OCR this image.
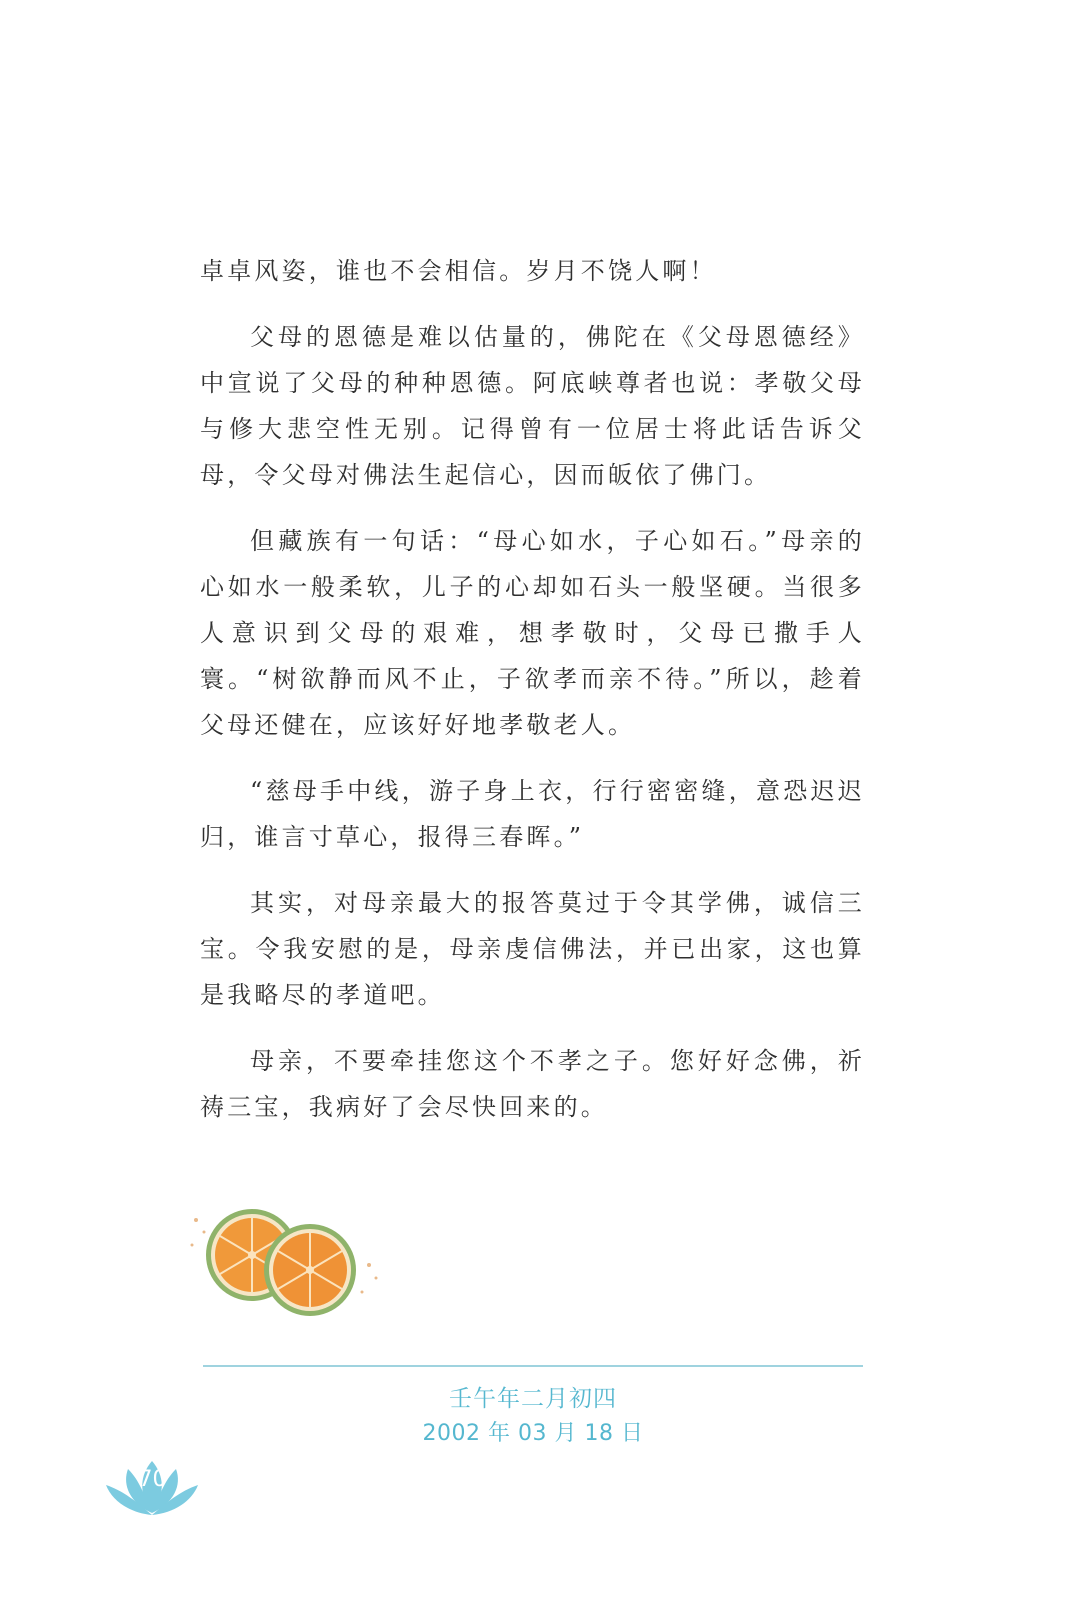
卓卓风姿，谁也不会相信。岁月不饶人啊！

父母的恩德是难以估量的，佛陀在《父母恩德经》中宣说了父母的种种恩德。阿底峡尊者也说：孝敬父母与修大悲空性无别。记得曾有一位居士将此话告诉父母，令父母对佛法生起信心，因而皈依了佛门。

但藏族有一句话：“母心如水，子心如石。”母亲的心如水一般柔软，儿子的心却如石头一般坚硬。当很多人意识到父母的艰难，想孝敬时，父母已撒手人寰。“树欲静而风不止，子欲孝而亲不待。”所以，趁着父母还健在，应该好好地孝敬老人。

“慈母手中线，游子身上衣，行行密密缝，意恐迟迟归，谁言寸草心，报得三春晖。”

其实，对母亲最大的报答莫过于令其学佛，诚信三宝。令我安慰的是，母亲虔信佛法，并已出家，这也算是我略尽的孝道吧。

母亲，不要牵挂您这个不孝之子。您好好念佛，祈祷三宝，我病好了会尽快回来的。

壬午年二月初四
2002 年 03 月 18 日
70
